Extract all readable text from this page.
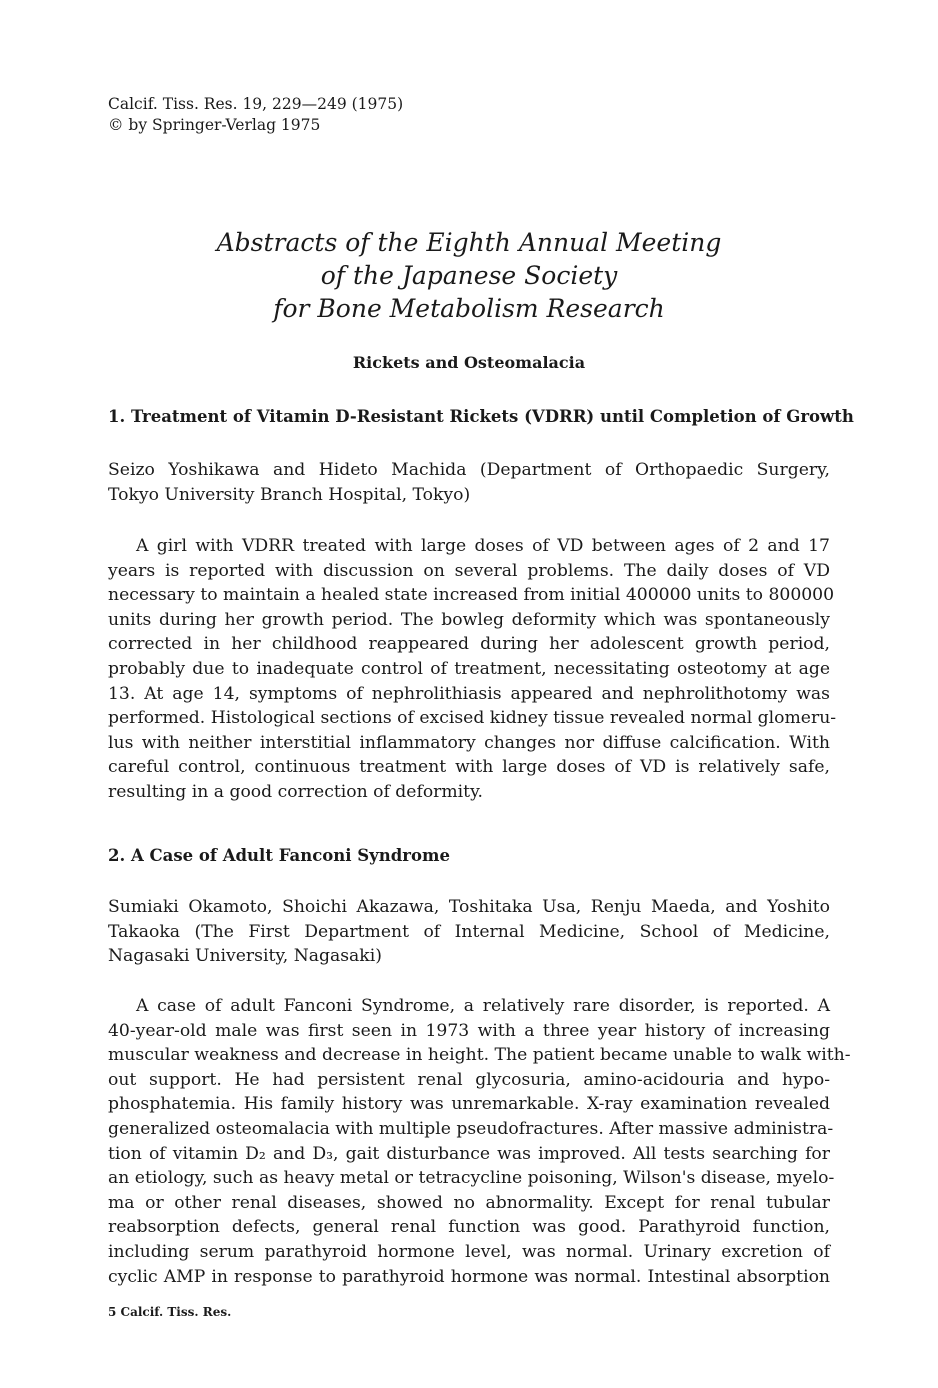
Calcif. Tiss. Res. 19, 229—249 (1975)
© by Springer-Verlag 1975
Abstracts of the Eighth Annual Meeting
of the Japanese Society
for Bone Metabolism Research
Rickets and Osteomalacia
1. Treatment of Vitamin D-Resistant Rickets (VDRR) until Completion of Growth
Seizo Yoshikawa and Hideto Machida (Department of Orthopaedic Surgery,
Tokyo University Branch Hospital, Tokyo)
A girl with VDRR treated with large doses of VD between ages of 2 and 17
years is reported with discussion on several problems. The daily doses of VD
necessary to maintain a healed state increased from initial 400000 units to 800000
units during her growth period. The bowleg deformity which was spontaneously
corrected in her childhood reappeared during her adolescent growth period,
probably due to inadequate control of treatment, necessitating osteotomy at age
13. At age 14, symptoms of nephrolithiasis appeared and nephrolithotomy was
performed. Histological sections of excised kidney tissue revealed normal glomeru-
lus with neither interstitial inflammatory changes nor diffuse calcification. With
careful control, continuous treatment with large doses of VD is relatively safe,
resulting in a good correction of deformity.
2. A Case of Adult Fanconi Syndrome
Sumiaki Okamoto, Shoichi Akazawa, Toshitaka Usa, Renju Maeda, and Yoshito
Takaoka (The First Department of Internal Medicine, School of Medicine,
Nagasaki University, Nagasaki)
A case of adult Fanconi Syndrome, a relatively rare disorder, is reported. A
40-year-old male was first seen in 1973 with a three year history of increasing
muscular weakness and decrease in height. The patient became unable to walk with-
out support. He had persistent renal glycosuria, amino-acidouria and hypo-
phosphatemia. His family history was unremarkable. X-ray examination revealed
generalized osteomalacia with multiple pseudofractures. After massive administra-
tion of vitamin D₂ and D₃, gait disturbance was improved. All tests searching for
an etiology, such as heavy metal or tetracycline poisoning, Wilson's disease, myelo-
ma or other renal diseases, showed no abnormality. Except for renal tubular
reabsorption defects, general renal function was good. Parathyroid function,
including serum parathyroid hormone level, was normal. Urinary excretion of
cyclic AMP in response to parathyroid hormone was normal. Intestinal absorption
5 Calcif. Tiss. Res.
